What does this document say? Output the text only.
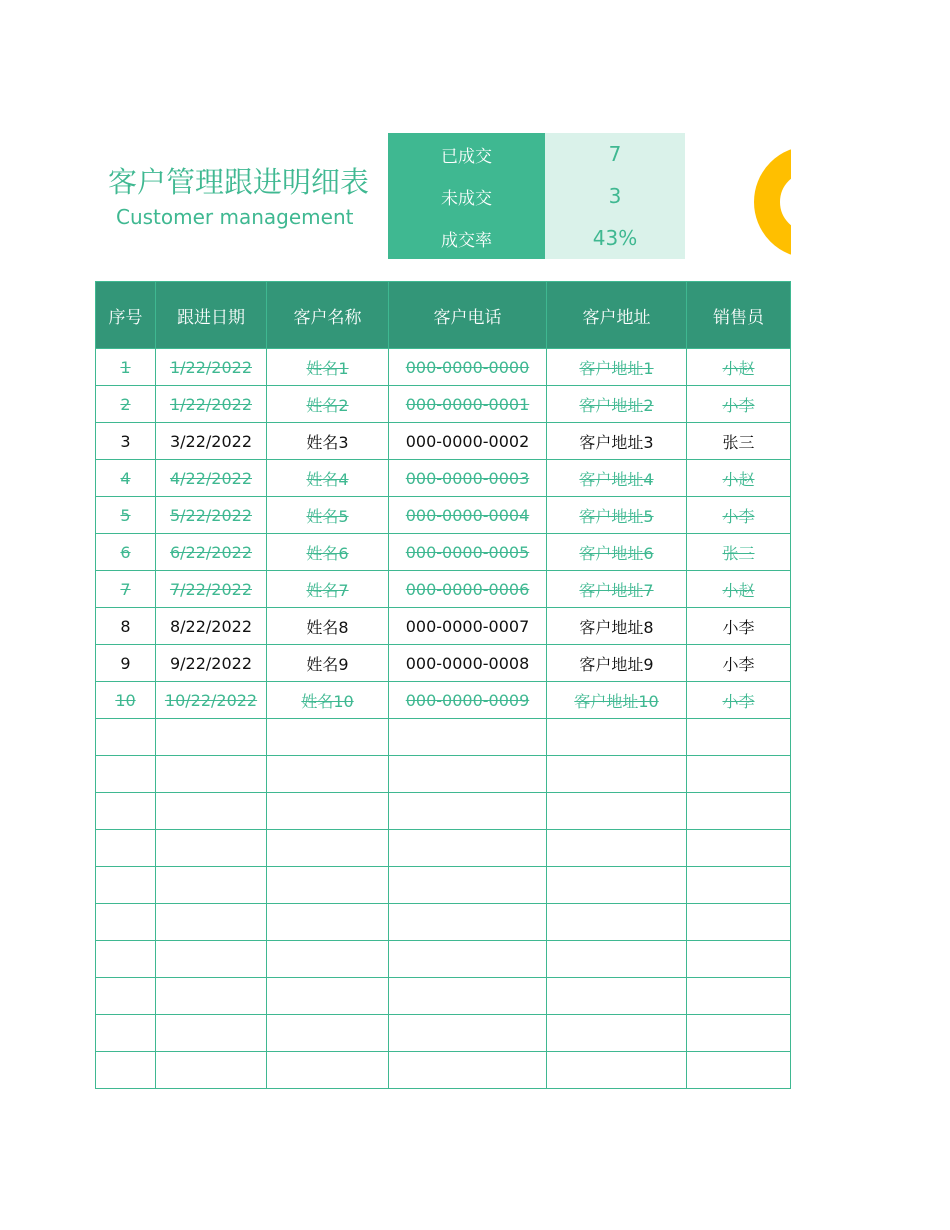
客户管理跟进明细表
Customer management
已成交	7
未成交	3
成交率	43%
序号	跟进日期	客户名称	客户电话	客户地址	销售员
1	1/22/2022	姓名1	000-0000-0000	客户地址1	小赵
2	1/22/2022	姓名2	000-0000-0001	客户地址2	小李
3	3/22/2022	姓名3	000-0000-0002	客户地址3	张三
4	4/22/2022	姓名4	000-0000-0003	客户地址4	小赵
5	5/22/2022	姓名5	000-0000-0004	客户地址5	小李
6	6/22/2022	姓名6	000-0000-0005	客户地址6	张三
7	7/22/2022	姓名7	000-0000-0006	客户地址7	小赵
8	8/22/2022	姓名8	000-0000-0007	客户地址8	小李
9	9/22/2022	姓名9	000-0000-0008	客户地址9	小李
10	10/22/2022	姓名10	000-0000-0009	客户地址10	小李
